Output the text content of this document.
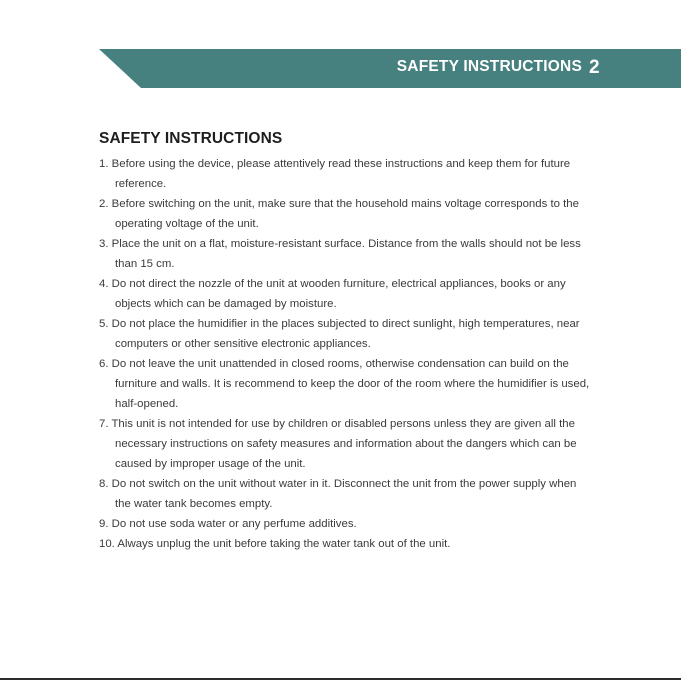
SAFETY INSTRUCTIONS 2
SAFETY INSTRUCTIONS
1. Before using the device, please attentively read these instructions and keep them for future reference.
2. Before switching on the unit, make sure that the household mains voltage corresponds to the operating voltage of the unit.
3. Place the unit on a flat, moisture-resistant surface. Distance from the walls should not be less than 15 cm.
4. Do not direct the nozzle of the unit at wooden furniture, electrical appliances, books or any objects which can be damaged by moisture.
5. Do not place the humidifier in the places subjected to direct sunlight, high temperatures, near computers or other sensitive electronic appliances.
6. Do not leave the unit unattended in closed rooms, otherwise condensation can build on the furniture and walls. It is recommend to keep the door of the room where the humidifier is used, half-opened.
7. This unit is not intended for use by children or disabled persons unless they are given all the necessary instructions on safety measures and information about the dangers which can be caused by improper usage of the unit.
8. Do not switch on the unit without water in it. Disconnect the unit from the power supply when the water tank becomes empty.
9. Do not use soda water or any perfume additives.
10. Always unplug the unit before taking the water tank out of the unit.
